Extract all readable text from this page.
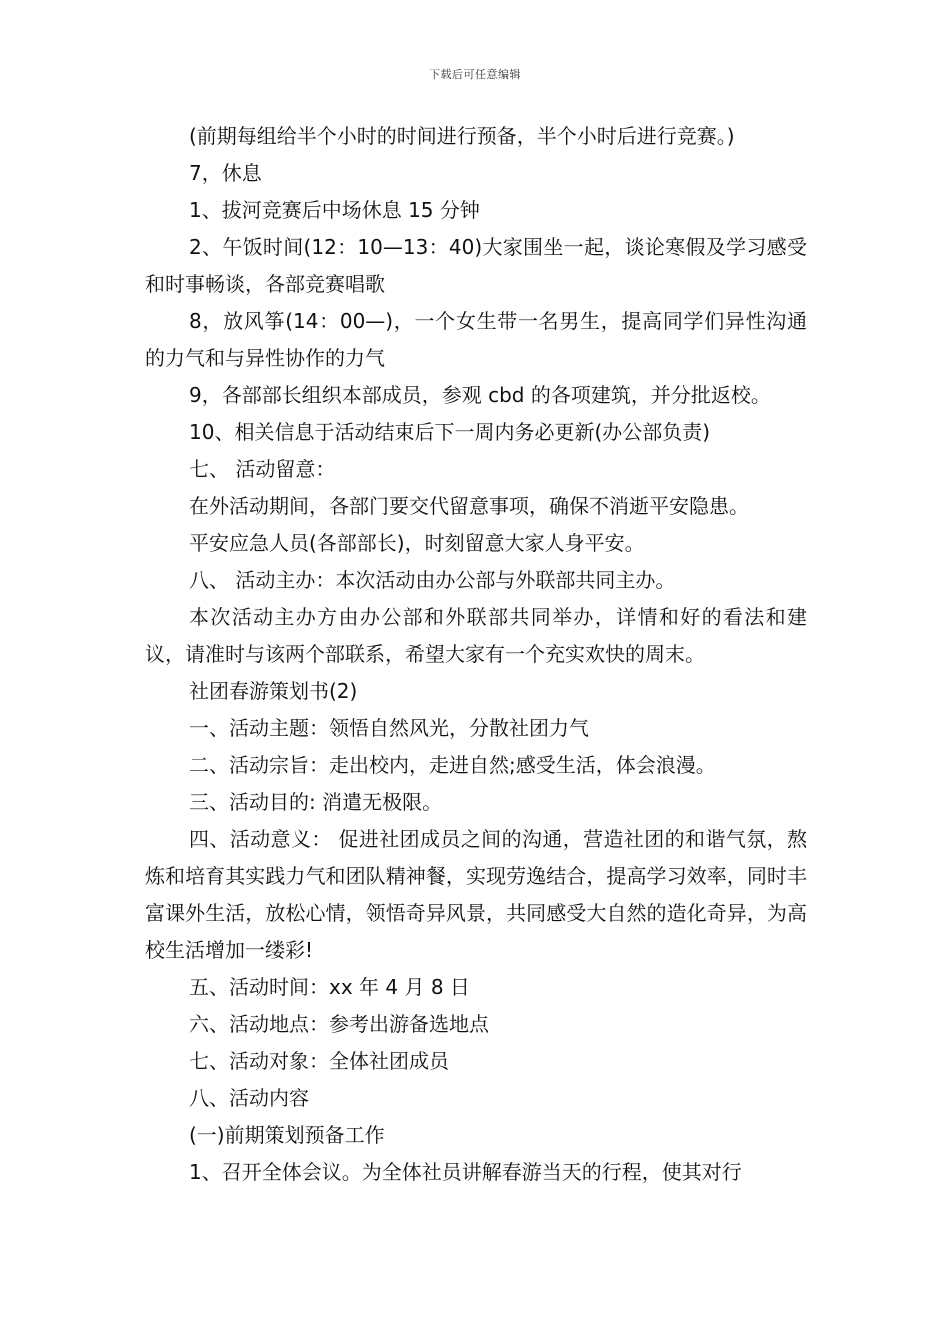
下载后可任意编辑

(前期每组给半个小时的时间进行预备，半个小时后进行竞赛。)

7，休息

1、拔河竞赛后中场休息 15 分钟

2、午饭时间(12：10—13：40)大家围坐一起，谈论寒假及学习感受和时事畅谈，各部竞赛唱歌

8，放风筝(14：00—)，一个女生带一名男生，提高同学们异性沟通的力气和与异性协作的力气

9，各部部长组织本部成员，参观 cbd 的各项建筑，并分批返校。

10、相关信息于活动结束后下一周内务必更新(办公部负责)

七、 活动留意：

在外活动期间，各部门要交代留意事项，确保不消逝平安隐患。

平安应急人员(各部部长)，时刻留意大家人身平安。

八、 活动主办：本次活动由办公部与外联部共同主办。

本次活动主办方由办公部和外联部共同举办，详情和好的看法和建议，请准时与该两个部联系，希望大家有一个充实欢快的周末。

社团春游策划书(2)

一、活动主题：领悟自然风光，分散社团力气

二、活动宗旨：走出校内，走进自然;感受生活，体会浪漫。

三、活动目的: 消遣无极限。

四、活动意义： 促进社团成员之间的沟通，营造社团的和谐气氛，熬炼和培育其实践力气和团队精神餐，实现劳逸结合，提高学习效率，同时丰富课外生活，放松心情，领悟奇异风景，共同感受大自然的造化奇异，为高校生活增加一缕彩!

五、活动时间：xx 年 4 月 8 日

六、活动地点：参考出游备选地点

七、活动对象：全体社团成员

八、活动内容

(一)前期策划预备工作

1、召开全体会议。为全体社员讲解春游当天的行程，使其对行
